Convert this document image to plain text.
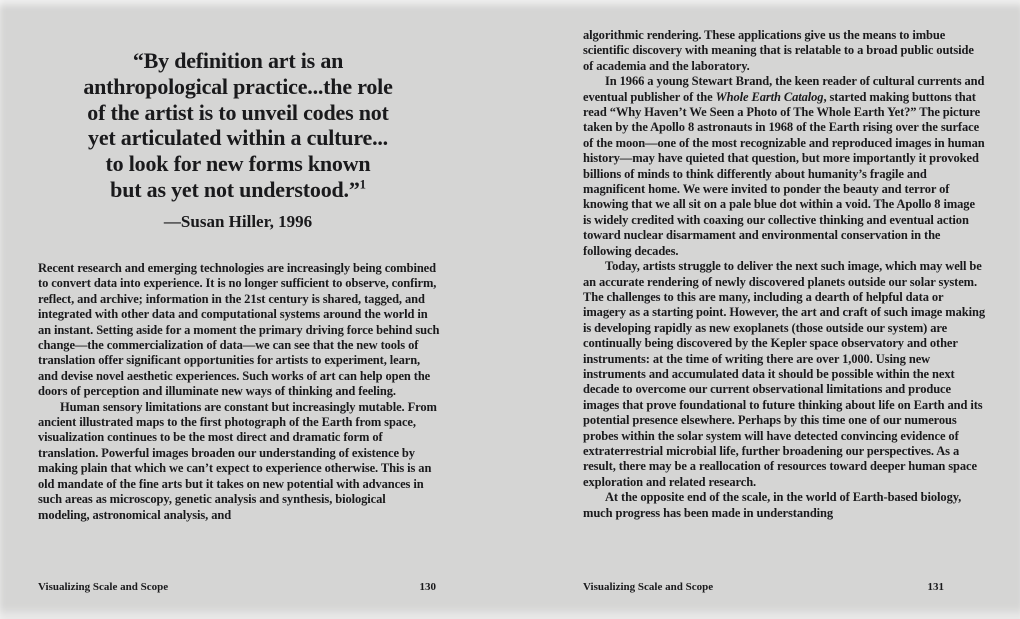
“By definition art is an
anthropological practice...the role
of the artist is to unveil codes not
yet articulated within a culture...
to look for new forms known
but as yet not understood.”$^1$
—Susan Hiller, 1996

Recent research and emerging technologies are increasingly being combined to convert data into experience. It is no longer sufficient to observe, confirm, reflect, and archive; information in the 21st century is shared, tagged, and integrated with other data and computational systems around the world in an instant. Setting aside for a moment the primary driving force behind such change—the commercialization of data—we can see that the new tools of translation offer significant opportunities for artists to experiment, learn, and devise novel aesthetic experiences. Such works of art can help open the doors of perception and illuminate new ways of thinking and feeling.

Human sensory limitations are constant but increasingly mutable. From ancient illustrated maps to the first photograph of the Earth from space, visualization continues to be the most direct and dramatic form of translation. Powerful images broaden our understanding of existence by making plain that which we can’t expect to experience otherwise. This is an old mandate of the fine arts but it takes on new potential with advances in such areas as microscopy, genetic analysis and synthesis, biological modeling, astronomical analysis, and

Visualizing Scale and Scope	130

algorithmic rendering. These applications give us the means to imbue scientific discovery with meaning that is relatable to a broad public outside of academia and the laboratory.

In 1966 a young Stewart Brand, the keen reader of cultural currents and eventual publisher of the Whole Earth Catalog, started making buttons that read “Why Haven’t We Seen a Photo of The Whole Earth Yet?” The picture taken by the Apollo 8 astronauts in 1968 of the Earth rising over the surface of the moon—one of the most recognizable and reproduced images in human history—may have quieted that question, but more importantly it provoked billions of minds to think differently about humanity’s fragile and magnificent home. We were invited to ponder the beauty and terror of knowing that we all sit on a pale blue dot within a void. The Apollo 8 image is widely credited with coaxing our collective thinking and eventual action toward nuclear disarmament and environmental conservation in the following decades.

Today, artists struggle to deliver the next such image, which may well be an accurate rendering of newly discovered planets outside our solar system. The challenges to this are many, including a dearth of helpful data or imagery as a starting point. However, the art and craft of such image making is developing rapidly as new exoplanets (those outside our system) are continually being discovered by the Kepler space observatory and other instruments: at the time of writing there are over 1,000. Using new instruments and accumulated data it should be possible within the next decade to overcome our current observational limitations and produce images that prove foundational to future thinking about life on Earth and its potential presence elsewhere. Perhaps by this time one of our numerous probes within the solar system will have detected convincing evidence of extraterrestrial microbial life, further broadening our perspectives. As a result, there may be a reallocation of resources toward deeper human space exploration and related research.

At the opposite end of the scale, in the world of Earth-based biology, much progress has been made in understanding

Visualizing Scale and Scope	131
